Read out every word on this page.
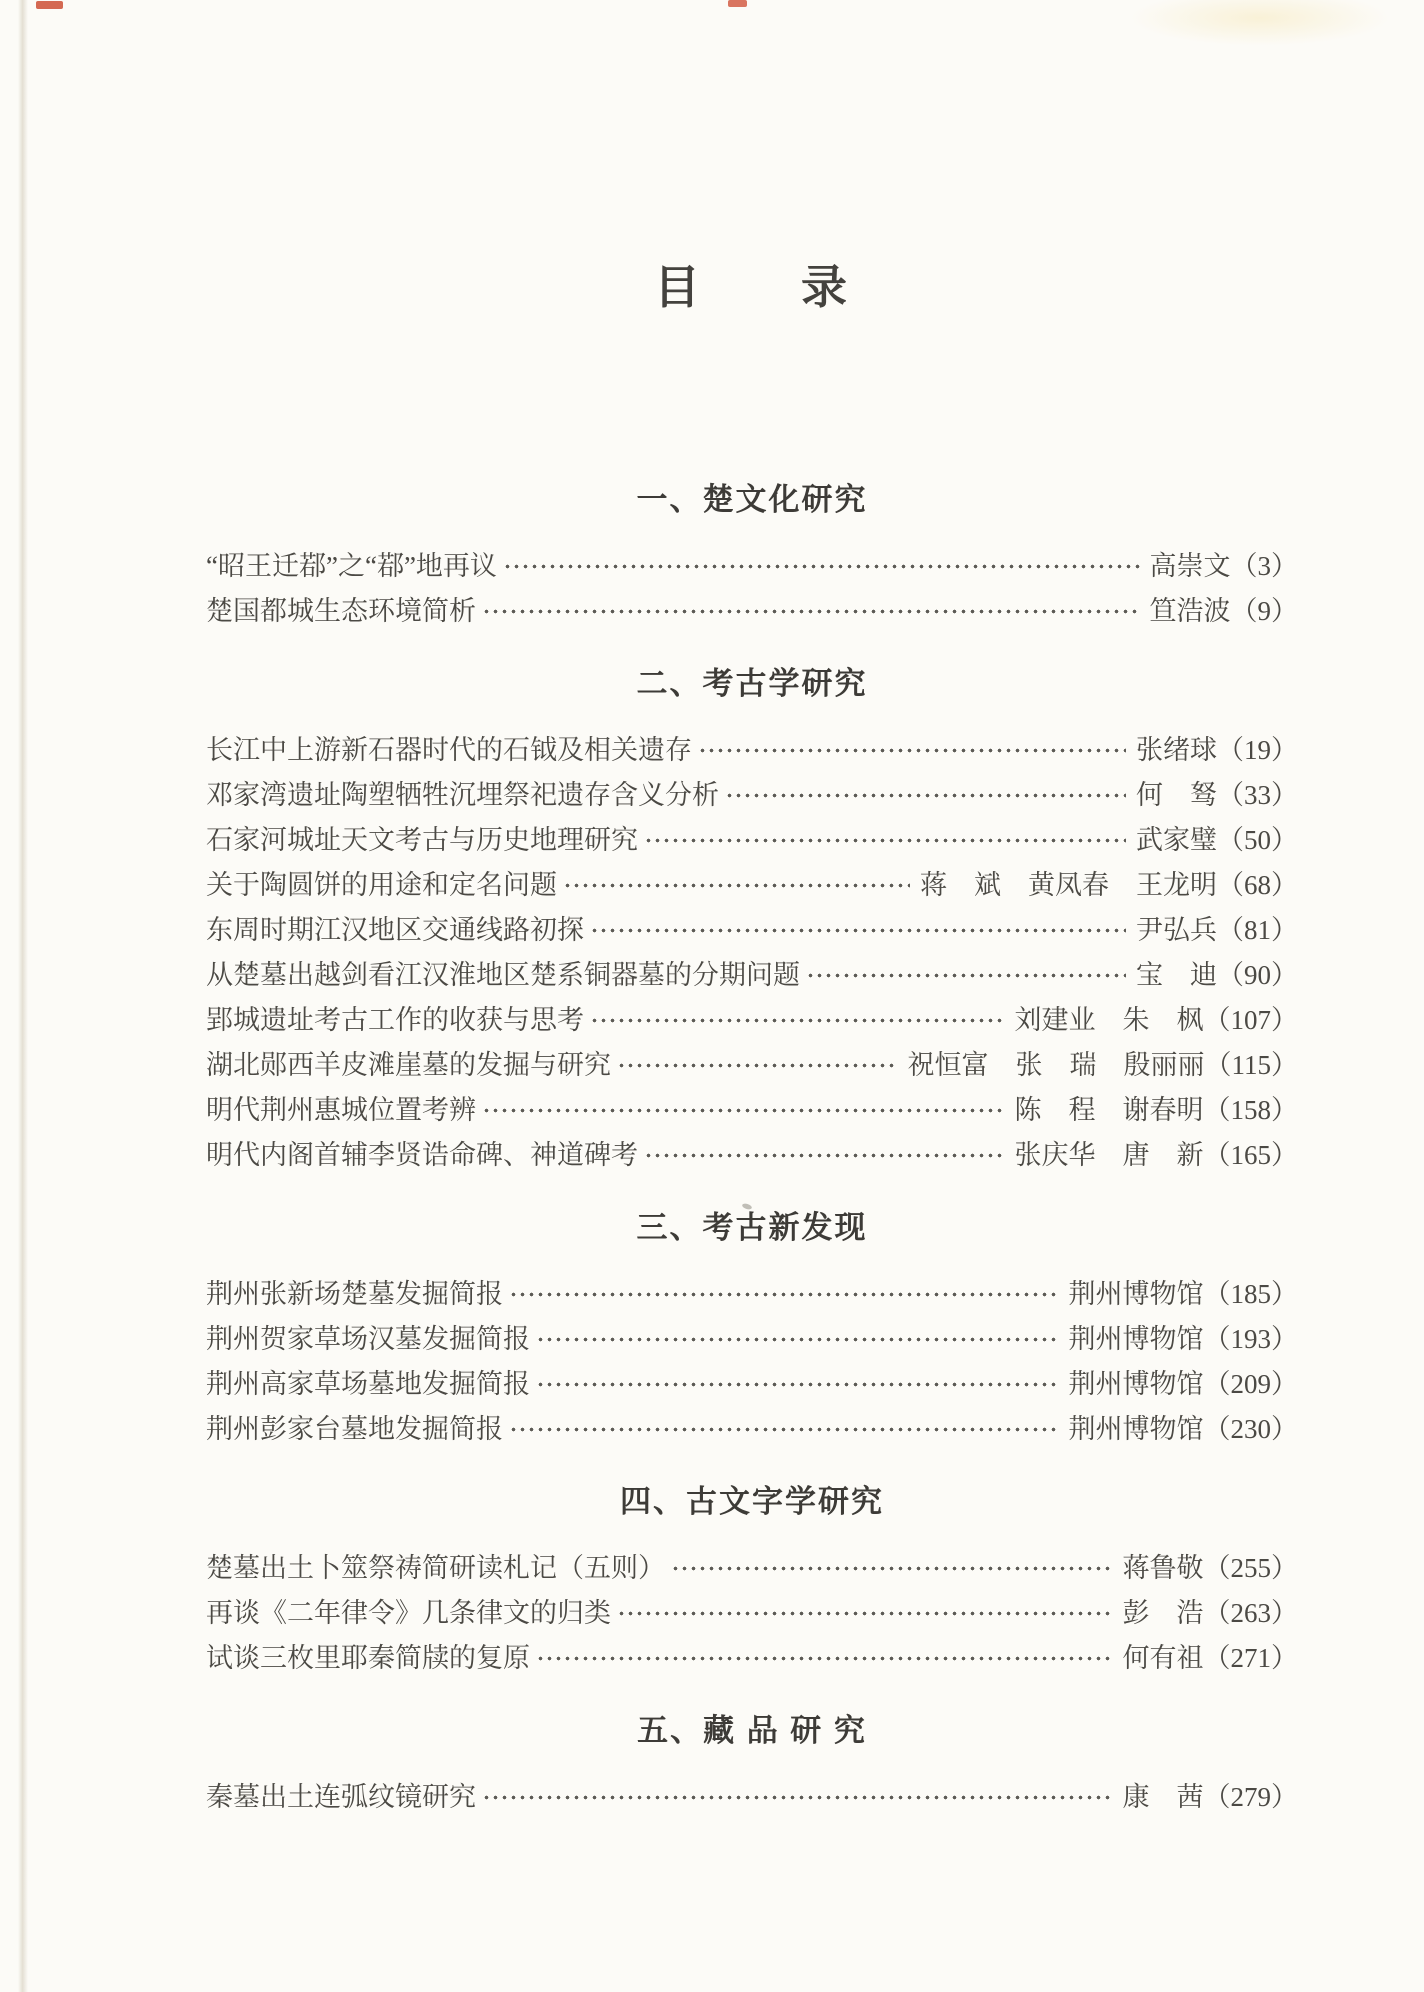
目　　录
一、楚文化研究
“昭王迁鄀”之“鄀”地再议	高崇文 （3）
楚国都城生态环境简析	笪浩波 （9）
二、考古学研究
长江中上游新石器时代的石钺及相关遗存	张绪球 （19）
邓家湾遗址陶塑牺牲沉埋祭祀遗存含义分析	何　驽 （33）
石家河城址天文考古与历史地理研究	武家璧 （50）
关于陶圆饼的用途和定名问题	蒋　斌　黄凤春　王龙明 （68）
东周时期江汉地区交通线路初探	尹弘兵 （81）
从楚墓出越剑看江汉淮地区楚系铜器墓的分期问题	宝　迪 （90）
郢城遗址考古工作的收获与思考	刘建业　朱　枫 （107）
湖北郧西羊皮滩崖墓的发掘与研究	祝恒富　张　瑞　殷丽丽 （115）
明代荆州惠城位置考辨	陈　程　谢春明 （158）
明代内阁首辅李贤诰命碑、神道碑考	张庆华　唐　新 （165）
三、考古新发现
荆州张新场楚墓发掘简报	荆州博物馆 （185）
荆州贺家草场汉墓发掘简报	荆州博物馆 （193）
荆州高家草场墓地发掘简报	荆州博物馆 （209）
荆州彭家台墓地发掘简报	荆州博物馆 （230）
四、古文字学研究
楚墓出土卜筮祭祷简研读札记（五则）	蒋鲁敬 （255）
再谈《二年律令》几条律文的归类	彭　浩 （263）
试谈三枚里耶秦简牍的复原	何有祖 （271）
五、藏 品 研 究
秦墓出土连弧纹镜研究	康　茜 （279）
